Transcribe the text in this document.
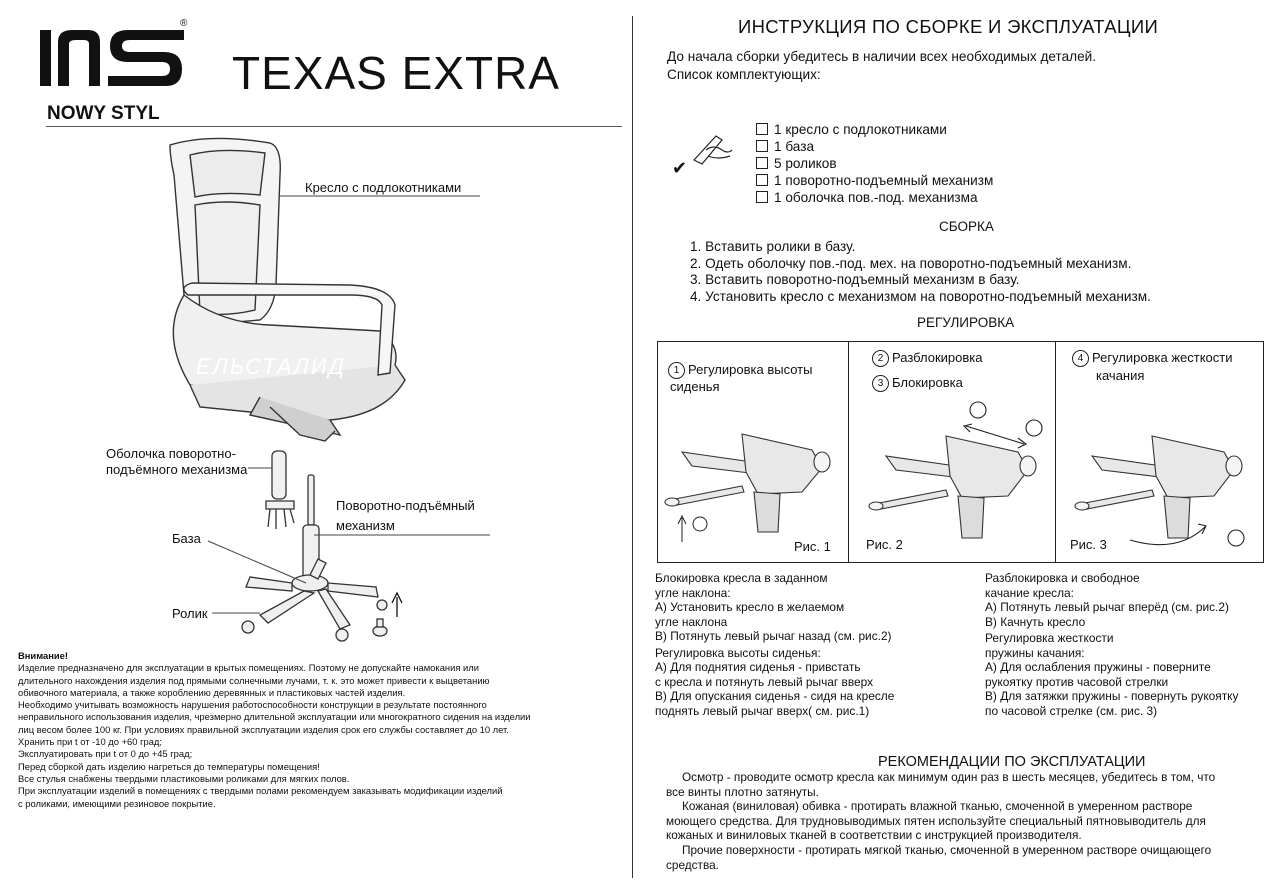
®
NOWY STYL
TEXAS EXTRA
ЕЛЬСТАЛИД
Кресло с подлокотниками
Оболочка поворотно-
подъёмного механизма
Поворотно-подъёмный
механизм
База
Ролик
Внимание!
Изделие предназначено для эксплуатации в крытых помещениях. Поэтому не допускайте намокания или
длительного нахождения изделия под прямыми солнечными лучами, т. к. это может привести к выцветанию
обивочного материала, а также короблению деревянных и пластиковых частей изделия.
Необходимо учитывать возможность нарушения работоспособности конструкции в результате постоянного
неправильного использования изделия, чрезмерно длительной эксплуатации или многократного сидения на изделии
лиц весом более 100 кг. При условиях правильной эксплуатации изделия срок его службы составляет до 10 лет.
Хранить при t от -10 до +60 град;
Эксплуатировать при t от 0 до +45 град;
Перед сборкой дать изделию нагреться до температуры помещения!
Все стулья снабжены твердыми пластиковыми роликами для мягких полов.
При эксплуатации изделий в помещениях с твердыми полами рекомендуем заказывать модификации изделий
с роликами, имеющими резиновое покрытие.
ИНСТРУКЦИЯ ПО СБОРКЕ И ЭКСПЛУАТАЦИИ
До начала сборки убедитесь в наличии всех необходимых деталей.
Список комплектующих:
✔
1 кресло с подлокотниками
1 база
5 роликов
1 поворотно-подъемный механизм
1 оболочка пов.-под. механизма
СБОРКА
1. Вставить ролики в базу.
2. Одеть оболочку пов.-под. мех. на поворотно-подъемный механизм.
3. Вставить поворотно-подъемный механизм в базу.
4. Установить кресло с механизмом на поворотно-подъемный механизм.
РЕГУЛИРОВКА
1 Регулировка высоты
сиденья
Рис. 1
2 Разблокировка
3 Блокировка
Рис. 2
4 Регулировка жесткости
качания
Рис. 3
Блокировка кресла в заданном
угле наклона:
А) Установить кресло в желаемом
угле наклона
В) Потянуть левый рычаг назад (см. рис.2)
Регулировка высоты сиденья:
А) Для поднятия сиденья - привстать
с кресла и потянуть левый рычаг вверх
В) Для опускания сиденья - сидя на кресле
поднять левый рычаг вверх( см. рис.1)
Разблокировка и свободное
качание кресла:
А) Потянуть левый рычаг вперёд (см. рис.2)
В) Качнуть кресло
Регулировка жесткости
пружины качания:
А) Для ослабления пружины - поверните
рукоятку против часовой стрелки
В) Для затяжки пружины - повернуть рукоятку
по часовой стрелке (см. рис. 3)
РЕКОМЕНДАЦИИ ПО ЭКСПЛУАТАЦИИ
Осмотр - проводите осмотр кресла как минимум один раз в шесть месяцев, убедитесь в том, что
все винты плотно затянуты.
Кожаная (виниловая) обивка - протирать влажной тканью, смоченной в умеренном растворе
моющего средства. Для трудновыводимых пятен используйте специальный пятновыводитель для
кожаных и виниловых тканей в соответствии с инструкцией производителя.
Прочие поверхности - протирать мягкой тканью, смоченной в умеренном растворе очищающего
средства.
